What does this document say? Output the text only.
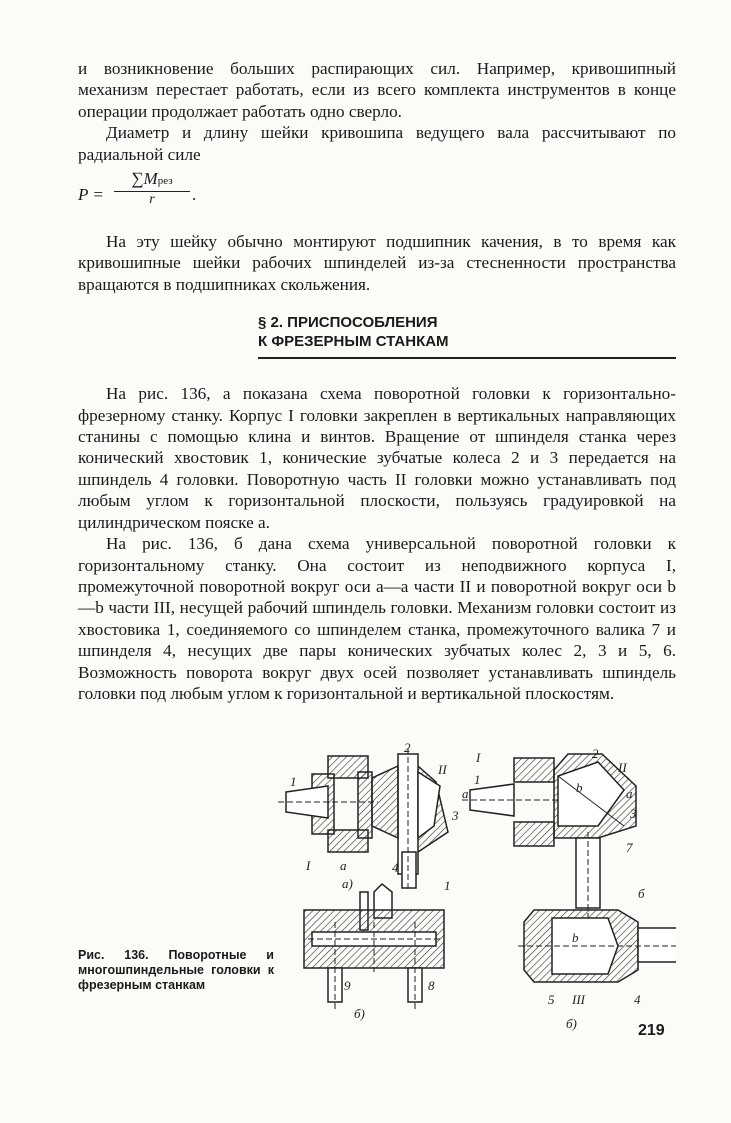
и возникновение больших распирающих сил. Например, кривошипный механизм перестает работать, если из всего комплекта инструментов в конце операции продолжает работать одно сверло.

Диаметр и длину шейки кривошипа ведущего вала рассчитывают по радиальной силе

P =
∑Mрез
r	.

На эту шейку обычно монтируют подшипник качения, в то время как кривошипные шейки рабочих шпинделей из-за стесненности пространства вращаются в подшипниках скольжения.

§ 2. ПРИСПОСОБЛЕНИЯ
К ФРЕЗЕРНЫМ СТАНКАМ

На рис. 136, а показана схема поворотной головки к горизонтально-фрезерному станку. Корпус I головки закреплен в вертикальных направляющих станины с помощью клина и винтов. Вращение от шпинделя станка через конический хвостовик 1, конические зубчатые колеса 2 и 3 передается на шпиндель 4 головки. Поворотную часть II головки можно устанавливать под любым углом к горизонтальной плоскости, пользуясь градуировкой на цилиндрическом пояске а.

На рис. 136, б дана схема универсальной поворотной головки к горизонтальному станку. Она состоит из неподвижного корпуса I, промежуточной поворотной вокруг оси а—а части II и поворотной вокруг оси b—b части III, несущей рабочий шпиндель головки. Механизм головки состоит из хвостовика 1, соединяемого со шпинделем станка, промежуточного валика 7 и шпинделя 4, несущих две пары конических зубчатых колес 2, 3 и 5, 6. Возможность поворота вокруг двух осей позволяет устанавливать шпиндель головки под любым углом к горизонтальной и вертикальной плоскостям.

Рис. 136. Поворотные и многошпиндельные головки к фрезерным станкам
2
II
1
3
I a	4
а)	1
б)
9	8
I	2
II
1
a	b	a
3
7
б
b
5 III	4
б)	219
